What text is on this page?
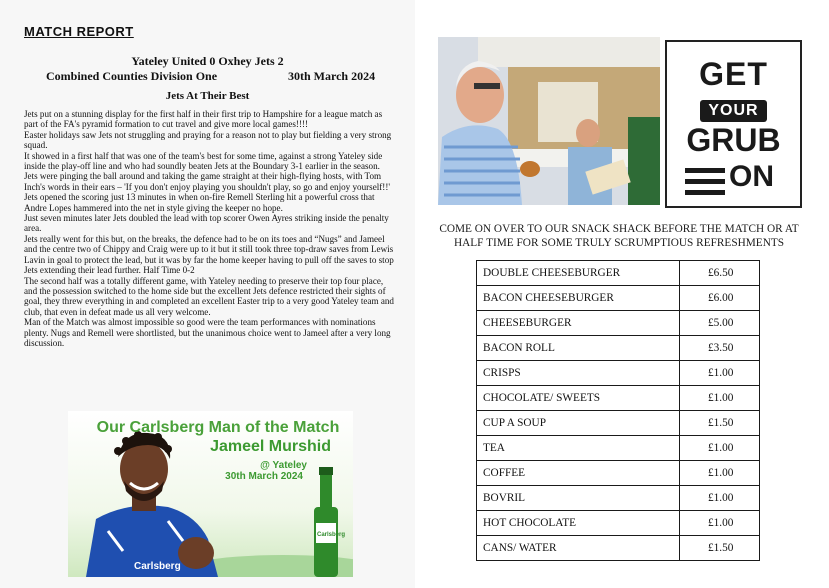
MATCH REPORT
Yateley United 0 Oxhey Jets 2
Combined Counties Division One	30th March 2024
Jets At Their Best

Jets put on a stunning display for the first half in their first trip to Hampshire for a league match as part of the FA's pyramid formation to cut travel and give more local games!!!!

Easter holidays saw Jets not struggling and praying for a reason not to play but fielding a very strong squad.

It showed in a first half that was one of the team's best for some time, against a strong Yateley side inside the play-off line and who had soundly beaten Jets at the Boundary 3-1 earlier in the season.

Jets were pinging the ball around and taking the game straight at their high-flying hosts, with Tom Inch's words in their ears – 'If you don't enjoy playing you shouldn't play, so go and enjoy yourself!!'

Jets opened the scoring just 13 minutes in when on-fire Remell Sterling hit a powerful cross that Andre Lopes hammered into the net in style giving the keeper no hope.

Just seven minutes later Jets doubled the lead with top scorer Owen Ayres striking inside the penalty area.

Jets really went for this but, on the breaks, the defence had to be on its toes and “Nugs” and Jameel and the centre two of Chippy and Craig were up to it but it still took three top-draw saves from Lewis Lavin in goal to protect the lead, but it was by far the home keeper having to pull off the saves to stop Jets extending their lead further. Half Time 0-2

The second half was a totally different game, with Yateley needing to preserve their top four place, and the possession switched to the home side but the excellent Jets defence restricted their sights of goal, they threw everything in and completed an excellent Easter trip to a very good Yateley team and club, that even in defeat made us all very welcome.

Man of the Match was almost impossible so good were the team performances with nominations plenty. Nugs and Remell were shortlisted, but the unanimous choice went to Jameel after a very long discussion.

Carlsberg
Carlsberg
Our Carlsberg Man of the Match
Jameel Murshid
@ Yateley
30th March 2024
GET
YOUR
GRUB
ON
COME ON OVER TO OUR SNACK SHACK BEFORE THE MATCH OR AT HALF TIME FOR SOME TRULY SCRUMPTIOUS REFRESHMENTS
DOUBLE CHEESEBURGER	£6.50
BACON CHEESEBURGER	£6.00
CHEESEBURGER	£5.00
BACON ROLL	£3.50
CRISPS	£1.00
CHOCOLATE/ SWEETS	£1.00
CUP A SOUP	£1.50
TEA	£1.00
COFFEE	£1.00
BOVRIL	£1.00
HOT CHOCOLATE	£1.00
CANS/ WATER	£1.50
